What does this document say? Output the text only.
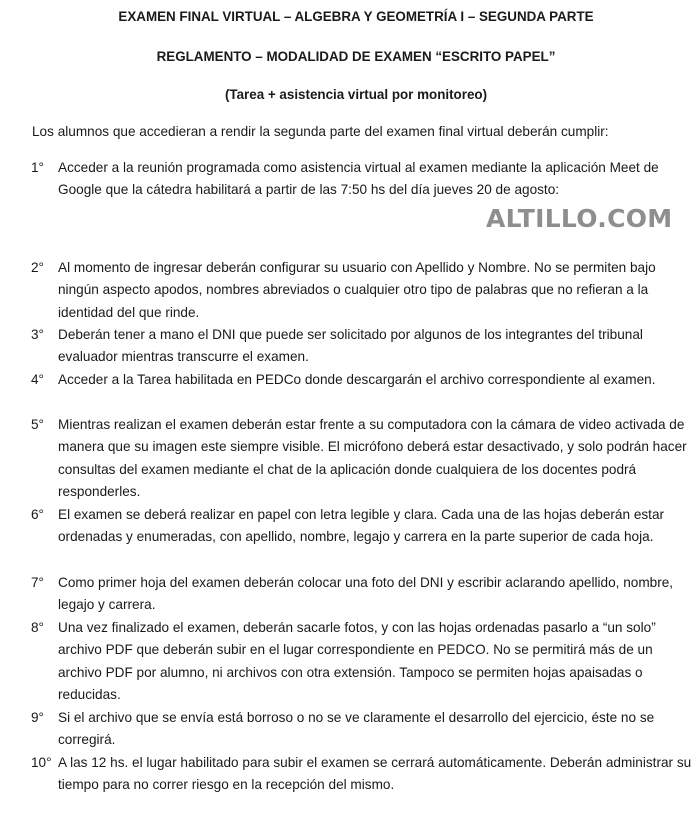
EXAMEN FINAL VIRTUAL – ALGEBRA Y GEOMETRÍA I – SEGUNDA PARTE
REGLAMENTO – MODALIDAD DE EXAMEN “ESCRITO PAPEL”
(Tarea + asistencia virtual por monitoreo)
Los alumnos que accedieran a rendir la segunda parte del examen final virtual deberán cumplir:
ALTILLO.COM
1°	Acceder a la reunión programada como asistencia virtual al examen mediante la aplicación Meet de Google que la cátedra habilitará a partir de las 7:50 hs del día jueves 20 de agosto:
2°	Al momento de ingresar deberán configurar su usuario con Apellido y Nombre. No se permiten bajo ningún aspecto apodos, nombres abreviados o cualquier otro tipo de palabras que no refieran a la identidad del que rinde.
3°	Deberán tener a mano el DNI que puede ser solicitado por algunos de los integrantes del tribunal evaluador mientras transcurre el examen.
4°	Acceder a la Tarea habilitada en PEDCo donde descargarán el archivo correspondiente al examen.
5°	Mientras realizan el examen deberán estar frente a su computadora con la cámara de video activada de manera que su imagen este siempre visible. El micrófono deberá estar desactivado, y solo podrán hacer consultas del examen mediante el chat de la aplicación donde cualquiera de los docentes podrá responderles.
6°	El examen se deberá realizar en papel con letra legible y clara. Cada una de las hojas deberán estar ordenadas y enumeradas, con apellido, nombre, legajo y carrera en la parte superior de cada hoja.
7°	Como primer hoja del examen deberán colocar una foto del DNI y escribir aclarando apellido, nombre, legajo y carrera.
8°	Una vez finalizado el examen, deberán sacarle fotos, y con las hojas ordenadas pasarlo a “un solo” archivo PDF que deberán subir en el lugar correspondiente en PEDCO. No se permitirá más de un archivo PDF por alumno, ni archivos con otra extensión. Tampoco se permiten hojas apaisadas o reducidas.
9°	Si el archivo que se envía está borroso o no se ve claramente el desarrollo del ejercicio, éste no se corregirá.
10° A las 12 hs. el lugar habilitado para subir el examen se cerrará automáticamente. Deberán administrar su tiempo para no correr riesgo en la recepción del mismo.
